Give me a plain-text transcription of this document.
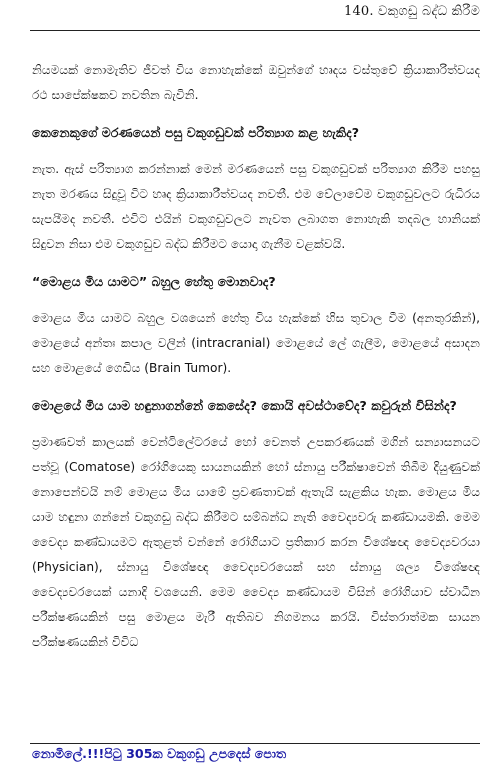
140. වකුගඩු බද්ධ කිරීම

නියමයක් නොමැතිව ජීවත් විය නොහැක්කේ ඔවුන්ගේ හෘදය වස්තුවේ ක්‍රියාකාරිත්වයද රථ සාපේක්ෂකව නවතින බැවිනි.

කෙනෙකුගේ මරණයෙන් පසු වකුගඩුවක් පරිත්‍යාග කළ හැකිද?

නැත. ඇස් පරිත්‍යාග කරන්නාක් මෙන් මරණයෙන් පසු වකුගඩුවක් පරිත්‍යාග කිරීම පහසු නැත මරණය සිදුවූ විට හෘද ක්‍රියාකාරීත්වයද නවතී. එම වේලාවේම වකුගඩුවලට රුධිරය සැපයීමද නවතී. එවිට එයින් වකුගඩුවලට නැවත ලබාගත නොහැකි තදබල හානියක් සිදුවන නිසා එම වකුගඩුව බද්ධ කිරීමට යොදා ගැනීම වළක්වයි.

“මොළය මිය යාමට” බහුල හේතු මොනවාද?

මොළය මිය යාමට බහුල වශයෙන් හේතු විය හැක්කේ හිස තුවාල වීම (අනතුරකින්), මොළයේ අන්තඃ කපාල වලින් (intracranial) මොළයේ ලේ ගැලීම, මොළයේ අසාදන සහ මොළයේ ගෙඩිය (Brain Tumor).

මොළයේ මිය යාම හඳුනාගන්නේ කෙසේද? කොයි අවස්ථාවේද? කවුරුන් විසින්ද?

ප්‍රමාණවත් කාලයක් වෙන්ටිලේටරයේ හෝ වෙනත් උපකරණයක් මගින් සන්‍යාසනයට පත්වූ (Comatose) රෝගියෙකු සායනයකින් හෝ ස්නායු පරීක්ෂාවෙන් තිබීම දියුණුවක් නොපෙන්වයි නම් මොළය මිය යාමේ ප්‍රවණතාවක් ඇතැයි සැළකිය හැක. මොළය මිය යාම හඳුනා ගන්නේ වකුගඩු බද්ධ කිරීමට සම්බන්ධ නැති වෛද්‍යවරු කණ්ඩායමකි. මෙම වෛද්‍ය කණ්ඩායමට ඇතුළත් වන්නේ රෝගියාට ප්‍රතිකාර කරන විශේෂඥ වෛද්‍යවරයා (Physician), ස්නායු විශේෂඥ වෛද්‍යවරයෙක් සහ ස්නායු ශල්‍ය විශේෂඥ වෛද්‍යවරයෙක් යනාදි වශයෙනි. මෙම වෛද්‍ය කණ්ඩායම විසින් රෝගියාව ස්වාධීන පරීක්ෂණයකින් පසු මොළය මැරී ඇතිබව නිගමනය කරයි. විස්තරාත්මක සායන පරීක්ෂණයකින් විවිධ

නොමිලේ.!!!පිටු 305ක වකුගඩු උපදෙස් පොත
